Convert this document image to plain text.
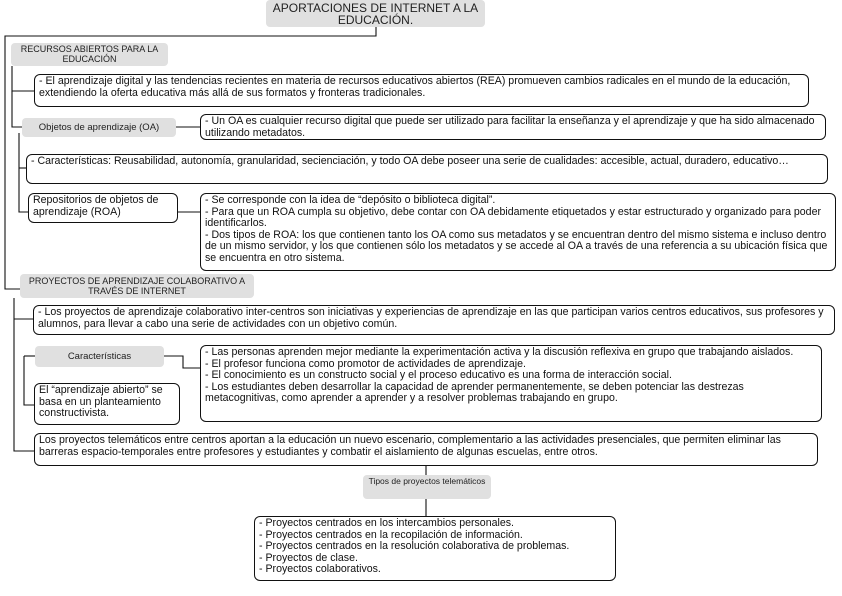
APORTACIONES DE INTERNET A LA EDUCACIÓN.
RECURSOS ABIERTOS PARA LA EDUCACIÓN
- El aprendizaje digital y las tendencias recientes en materia de recursos educativos abiertos (REA) promueven cambios radicales en el mundo de la educación, extendiendo la oferta educativa más allá de sus formatos y fronteras tradicionales.
Objetos de aprendizaje (OA)
- Un OA es cualquier recurso digital que puede ser utilizado para facilitar la enseñanza y el aprendizaje y que ha sido almacenado utilizando metadatos.
- Características: Reusabilidad, autonomía, granularidad, secienciación, y todo OA debe poseer una serie de cualidades: accesible, actual, duradero, educativo…
Repositorios de objetos de aprendizaje (ROA)
- Se corresponde con la idea de “depósito o biblioteca digital”.
- Para que un ROA cumpla su objetivo, debe contar con OA debidamente etiquetados y estar estructurado y organizado para poder identificarlos.
- Dos tipos de ROA: los que contienen tanto los OA como sus metadatos y se encuentran dentro del mismo sistema e incluso dentro de un mismo servidor, y los que contienen sólo los metadatos y se accede al OA a través de una referencia a su ubicación física que se encuentra en otro sistema.
PROYECTOS DE APRENDIZAJE COLABORATIVO A TRAVÉS DE INTERNET
- Los proyectos de aprendizaje colaborativo inter-centros son iniciativas y experiencias de aprendizaje en las que participan varios centros educativos, sus profesores y alumnos, para llevar a cabo una serie de actividades con un objetivo común.
Características	- Las personas aprenden mejor mediante la experimentación activa y la discusión reflexiva en grupo que trabajando aislados.
- El profesor funciona como promotor de actividades de aprendizaje.
- El conocimiento es un constructo social y el proceso educativo es una forma de interacción social.
- Los estudiantes deben desarrollar la capacidad de aprender permanentemente, se deben potenciar las destrezas metacognitivas, como aprender a aprender y a resolver problemas trabajando en grupo.
El “aprendizaje abierto” se basa en un planteamiento constructivista.
Los proyectos telemáticos entre centros aportan a la educación un nuevo escenario, complementario a las actividades presenciales, que permiten eliminar las barreras espacio-temporales entre profesores y estudiantes y combatir el aislamiento de algunas escuelas, entre otros.
Tipos de proyectos telemáticos
- Proyectos centrados en los intercambios personales.
- Proyectos centrados en la recopilación de información.
- Proyectos centrados en la resolución colaborativa de problemas.
- Proyectos de clase.
- Proyectos colaborativos.
